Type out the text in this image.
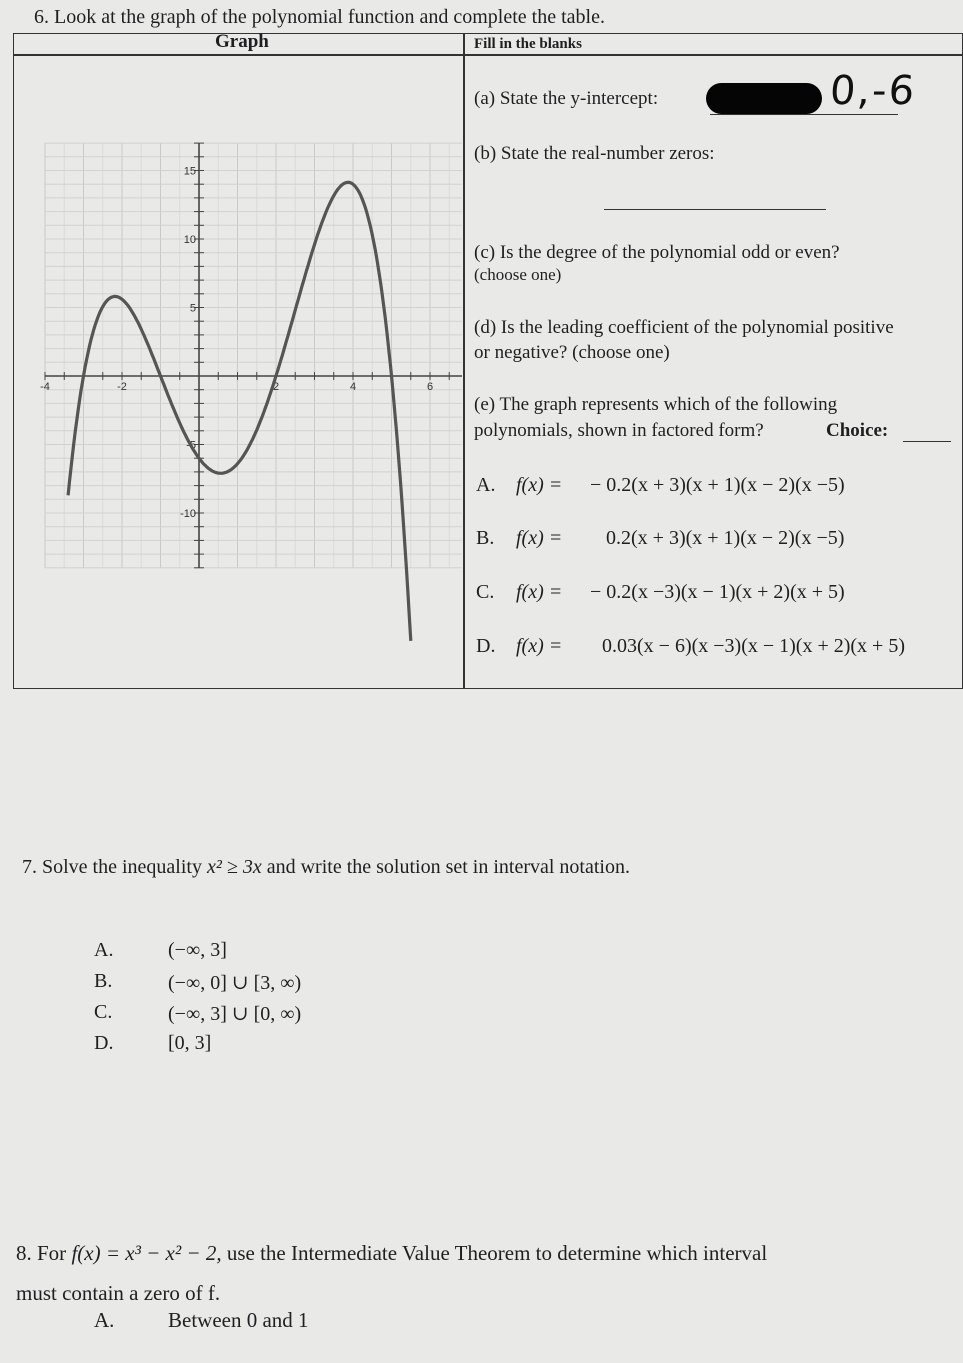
6. Look at the graph of the polynomial function and complete the table.
Graph	Fill in the blanks
-4	-2	2	4	6
15
10
5
-5
-10
(a) State the y-intercept:	0,-6
(b) State the real-number zeros:
(c) Is the degree of the polynomial odd or even?
(choose one)
(d) Is the leading coefficient of the polynomial positive
or negative? (choose one)
(e) The graph represents which of the following
polynomials, shown in factored form?	Choice:
A. f(x) = − 0.2(x + 3)(x + 1)(x − 2)(x −5)
B. f(x) = 0.2(x + 3)(x + 1)(x − 2)(x −5)
C. f(x) = − 0.2(x −3)(x − 1)(x + 2)(x + 5)
D. f(x) = 0.03(x − 6)(x −3)(x − 1)(x + 2)(x + 5)
7. Solve the inequality x² ≥ 3x and write the solution set in interval notation.
A.	(−∞, 3]
B.	(−∞, 0] ∪ [3, ∞)
C.	(−∞, 3] ∪ [0, ∞)
D.	[0, 3]
8. For f(x) = x³ − x² − 2, use the Intermediate Value Theorem to determine which interval
must contain a zero of f.
A.	Between 0 and 1
